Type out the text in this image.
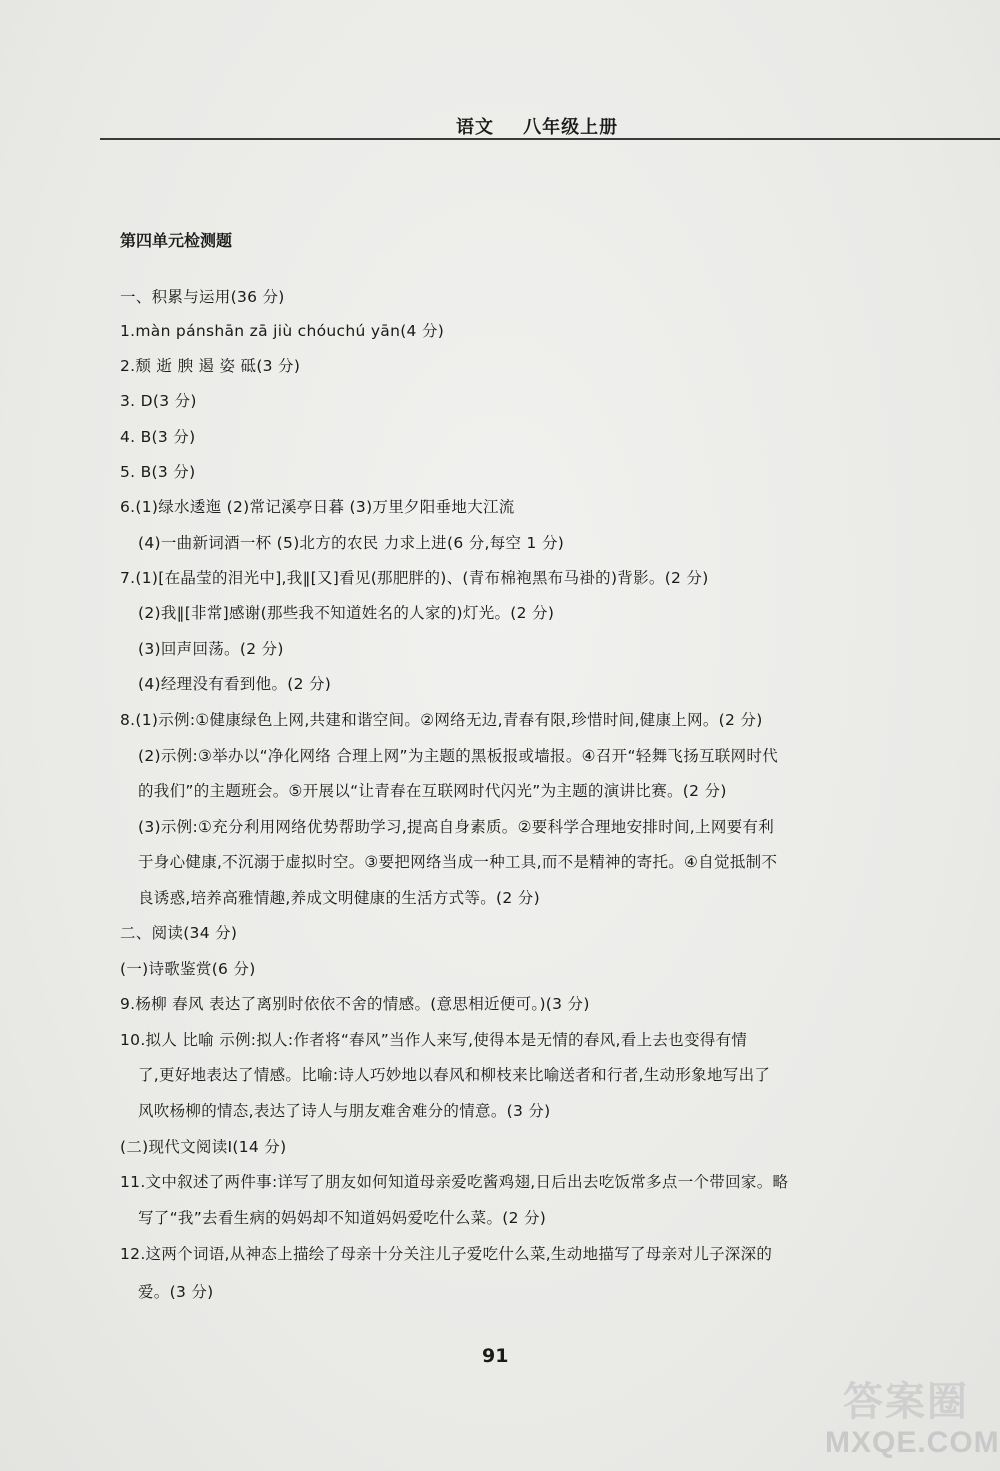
语文    八年级上册
第四单元检测题
一、积累与运用(36 分)
1.màn pánshān zā jiù chóuchú yān(4 分)
2.颓 逝 腴 遏 姿 砥(3 分)
3. D(3 分)
4. B(3 分)
5. B(3 分)
6.(1)绿水逶迤 (2)常记溪亭日暮 (3)万里夕阳垂地大江流
(4)一曲新词酒一杯 (5)北方的农民 力求上进(6 分,每空 1 分)
7.(1)[在晶莹的泪光中],我‖[又]看见(那肥胖的)、(青布棉袍黑布马褂的)背影。(2 分)
(2)我‖[非常]感谢(那些我不知道姓名的人家的)灯光。(2 分)
(3)回声回荡。(2 分)
(4)经理没有看到他。(2 分)
8.(1)示例:①健康绿色上网,共建和谐空间。②网络无边,青春有限,珍惜时间,健康上网。(2 分)
(2)示例:③举办以“净化网络 合理上网”为主题的黑板报或墙报。④召开“轻舞飞扬互联网时代
的我们”的主题班会。⑤开展以“让青春在互联网时代闪光”为主题的演讲比赛。(2 分)
(3)示例:①充分利用网络优势帮助学习,提高自身素质。②要科学合理地安排时间,上网要有利
于身心健康,不沉溺于虚拟时空。③要把网络当成一种工具,而不是精神的寄托。④自觉抵制不
良诱惑,培养高雅情趣,养成文明健康的生活方式等。(2 分)
二、阅读(34 分)
(一)诗歌鉴赏(6 分)
9.杨柳 春风 表达了离别时依依不舍的情感。(意思相近便可。)(3 分)
10.拟人 比喻 示例:拟人:作者将“春风”当作人来写,使得本是无情的春风,看上去也变得有情
了,更好地表达了情感。比喻:诗人巧妙地以春风和柳枝来比喻送者和行者,生动形象地写出了
风吹杨柳的情态,表达了诗人与朋友难舍难分的情意。(3 分)
(二)现代文阅读Ⅰ(14 分)
11.文中叙述了两件事:详写了朋友如何知道母亲爱吃酱鸡翅,日后出去吃饭常多点一个带回家。略
写了“我”去看生病的妈妈却不知道妈妈爱吃什么菜。(2 分)
12.这两个词语,从神态上描绘了母亲十分关注儿子爱吃什么菜,生动地描写了母亲对儿子深深的
爱。(3 分)
91
答案圈
MXQE.COM
